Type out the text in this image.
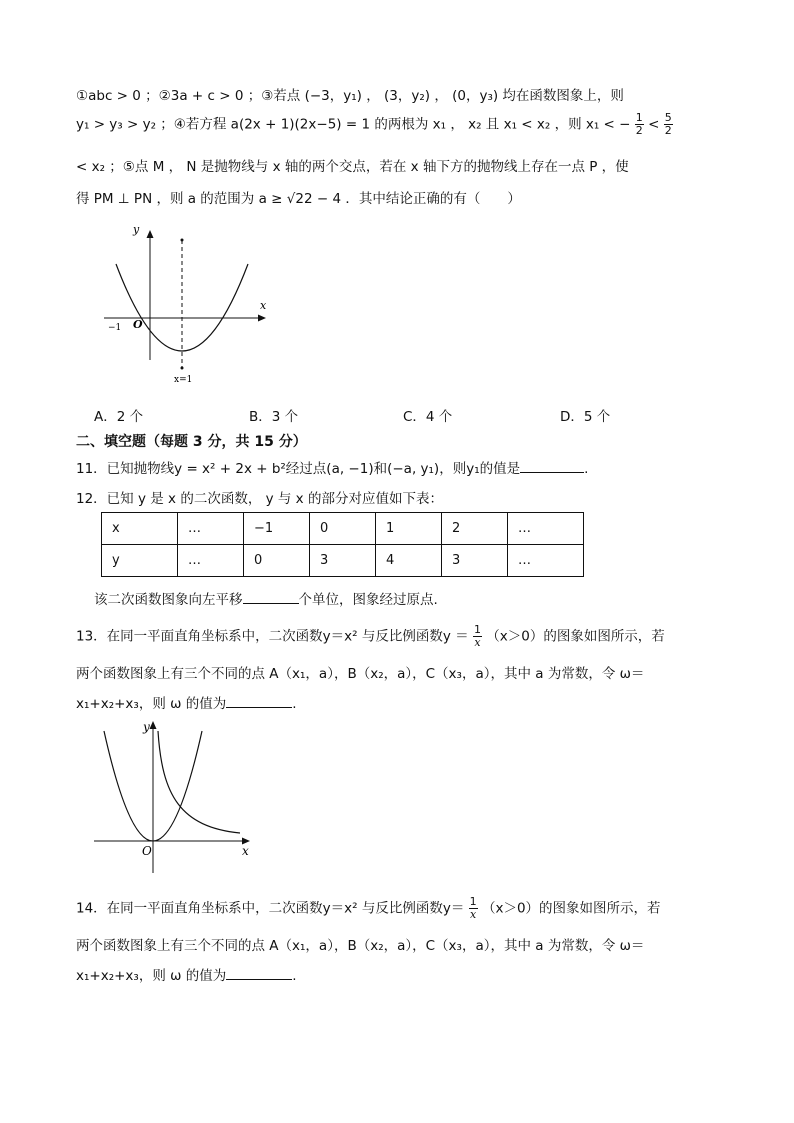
①abc > 0 ；②3a + c > 0 ；③若点 (−3，y₁) ， (3，y₂) ， (0，y₃) 均在函数图象上，则
y₁ > y₃ > y₂ ；④若方程 a(2x + 1)(2x−5) = 1 的两根为 x₁ ， x₂ 且 x₁ < x₂ ，则 x₁ < − $\frac{1}{2} < \frac{5}{2}$
< x₂ ；⑤点 M ， N 是抛物线与 x 轴的两个交点，若在 x 轴下方的抛物线上存在一点 P ，使
得 PM ⊥ PN ，则 a 的范围为 a ≥ √22 − 4 ．其中结论正确的有（　　）
y
x
O
−1
x=1
A．2 个	B．3 个	C．4 个	D．5 个
二、填空题（每题 3 分，共 15 分）
11．已知抛物线y = x² + 2x + b²经过点(a, −1)和(−a, y₁)，则y₁的值是	.
12．已知 y 是 x 的二次函数， y 与 x 的部分对应值如下表：
x	…	−1	0	1	2	…
y	…	0	3	4	3	…
该二次函数图象向左平移	个单位，图象经过原点.
13．在同一平面直角坐标系中，二次函数y＝x² 与反比例函数$y = \frac{1}{x} (x>0)$的图象如图所示，若
两个函数图象上有三个不同的点 A（x₁，a），B（x₂，a），C（x₃，a），其中 a 为常数，令 ω＝
x₁+x₂+x₃，则 ω 的值为	.
y
x
O
14．在同一平面直角坐标系中，二次函数y＝x² 与反比例函数$y= \frac{1}{x} (x>0)$的图象如图所示，若
两个函数图象上有三个不同的点 A（x₁，a），B（x₂，a），C（x₃，a），其中 a 为常数，令 ω＝
x₁+x₂+x₃，则 ω 的值为	.
